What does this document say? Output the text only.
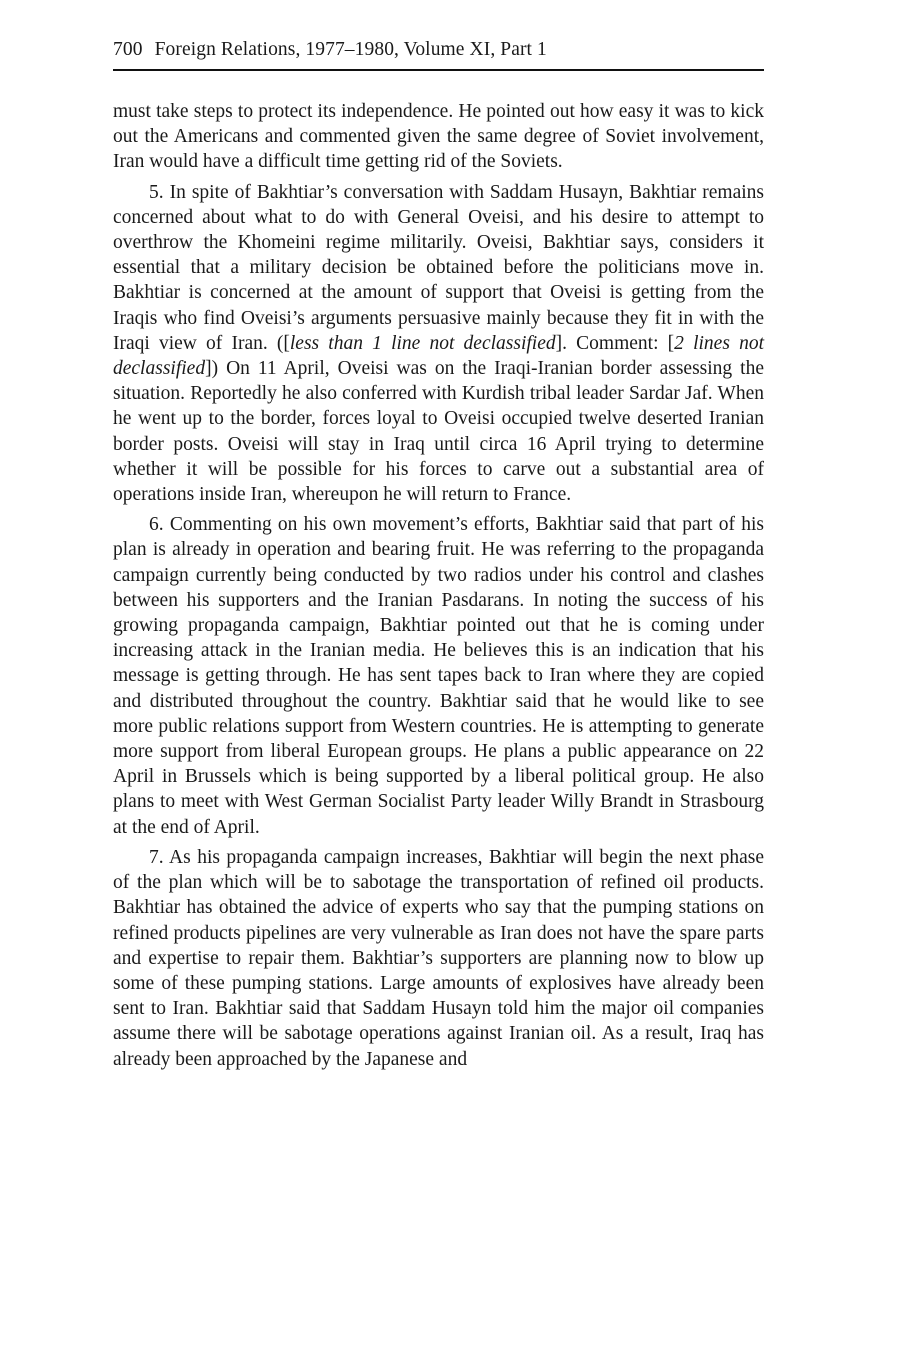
700 Foreign Relations, 1977–1980, Volume XI, Part 1

must take steps to protect its independence. He pointed out how easy it was to kick out the Americans and commented given the same degree of Soviet involvement, Iran would have a difficult time getting rid of the Soviets.

5. In spite of Bakhtiar’s conversation with Saddam Husayn, Bakhtiar remains concerned about what to do with General Oveisi, and his desire to attempt to overthrow the Khomeini regime militarily. Oveisi, Bakhtiar says, considers it essential that a military decision be obtained before the politicians move in. Bakhtiar is concerned at the amount of support that Oveisi is getting from the Iraqis who find Oveisi’s arguments persuasive mainly because they fit in with the Iraqi view of Iran. ([less than 1 line not declassified]. Comment: [2 lines not declassified]) On 11 April, Oveisi was on the Iraqi-Iranian border assessing the situation. Reportedly he also conferred with Kurdish tribal leader Sardar Jaf. When he went up to the border, forces loyal to Oveisi occupied twelve deserted Iranian border posts. Oveisi will stay in Iraq until circa 16 April trying to determine whether it will be possible for his forces to carve out a substantial area of operations inside Iran, whereupon he will return to France.

6. Commenting on his own movement’s efforts, Bakhtiar said that part of his plan is already in operation and bearing fruit. He was referring to the propaganda campaign currently being conducted by two radios under his control and clashes between his supporters and the Iranian Pasdarans. In noting the success of his growing propaganda campaign, Bakhtiar pointed out that he is coming under increasing attack in the Iranian media. He believes this is an indication that his message is getting through. He has sent tapes back to Iran where they are copied and distributed throughout the country. Bakhtiar said that he would like to see more public relations support from Western countries. He is attempting to generate more support from liberal European groups. He plans a public appearance on 22 April in Brussels which is being supported by a liberal political group. He also plans to meet with West German Socialist Party leader Willy Brandt in Strasbourg at the end of April.

7. As his propaganda campaign increases, Bakhtiar will begin the next phase of the plan which will be to sabotage the transportation of refined oil products. Bakhtiar has obtained the advice of experts who say that the pumping stations on refined products pipelines are very vulnerable as Iran does not have the spare parts and expertise to repair them. Bakhtiar’s supporters are planning now to blow up some of these pumping stations. Large amounts of explosives have already been sent to Iran. Bakhtiar said that Saddam Husayn told him the major oil companies assume there will be sabotage operations against Iranian oil. As a result, Iraq has already been approached by the Japanese and
